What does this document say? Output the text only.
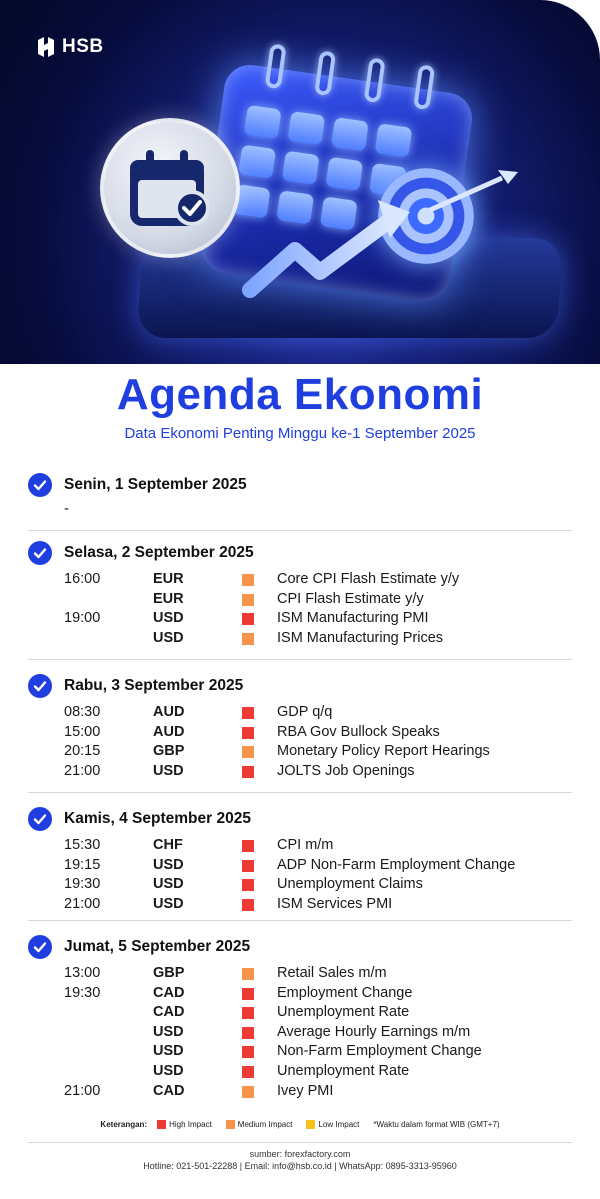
HSB
Agenda Ekonomi
Data Ekonomi Penting Minggu ke-1 September 2025
Senin, 1 September 2025
-
Selasa, 2 September 2025
16:00	EUR	Core CPI Flash Estimate y/y
EUR	CPI Flash Estimate y/y
19:00	USD	ISM Manufacturing PMI
USD	ISM Manufacturing Prices
Rabu, 3 September 2025
08:30	AUD	GDP q/q
15:00	AUD	RBA Gov Bullock Speaks
20:15	GBP	Monetary Policy Report Hearings
21:00	USD	JOLTS Job Openings
Kamis, 4 September 2025
15:30	CHF	CPI m/m
19:15	USD	ADP Non-Farm Employment Change
19:30	USD	Unemployment Claims
21:00	USD	ISM Services PMI
Jumat, 5 September 2025
13:00	GBP	Retail Sales m/m
19:30	CAD	Employment Change
CAD	Unemployment Rate
USD	Average Hourly Earnings m/m
USD	Non-Farm Employment Change
USD	Unemployment Rate
21:00	CAD	Ivey PMI
Keterangan:	High Impact	Medium Impact	Low Impact *Waktu dalam format WIB (GMT+7)
sumber: forexfactory.com
Hotline: 021-501-22288 | Email: info@hsb.co.id | WhatsApp: 0895-3313-95960
